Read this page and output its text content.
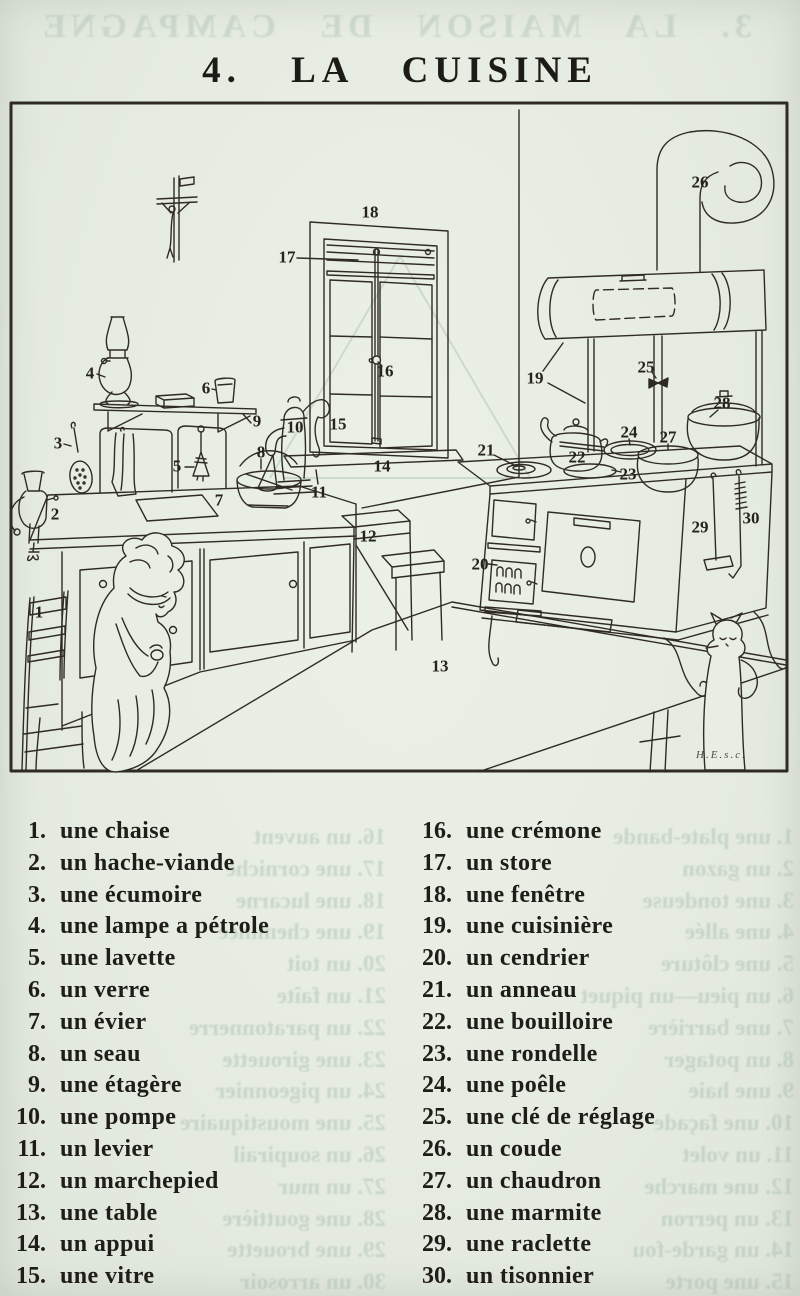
3. LA MAISON DE CAMPAGNE
16. un auvent
17. une corniche
18. une lucarne
19. une cheminée
20. un toit
21. un faîte
22. un paratonnerre
23. une girouette
24. un pigeonnier
25. une moustiquaire
26. un soupirail
27. un mur
28. une gouttière
29. une brouette
30. un arrosoir
1. une plate-bande
2. un gazon
3. une tondeuse
4. une allée
5. une clôture
6. un pieu—un piquet
7. une barrière
8. un potager
9. une haie
10. une façade
11. un volet
12. une marche
13. un perron
14. un garde-fou
15. une porte
4. LA CUISINE
H.E.s.c.
1
2
3
4
5
6
7
8
9 10
11
12
13
14
15
16
17
18
19
20
21	22
23
24
25
26
27
28
29 30
1. une chaise
2. un hache-viande
3. une écumoire
4. une lampe a pétrole
5. une lavette
6. un verre
7. un évier
8. un seau
9. une étagère
10. une pompe
11. un levier
12. un marchepied
13. une table
14. un appui
15. une vitre
16. une crémone
17. un store
18. une fenêtre
19. une cuisinière
20. un cendrier
21. un anneau
22. une bouilloire
23. une rondelle
24. une poêle
25. une clé de réglage
26. un coude
27. un chaudron
28. une marmite
29. une raclette
30. un tisonnier
